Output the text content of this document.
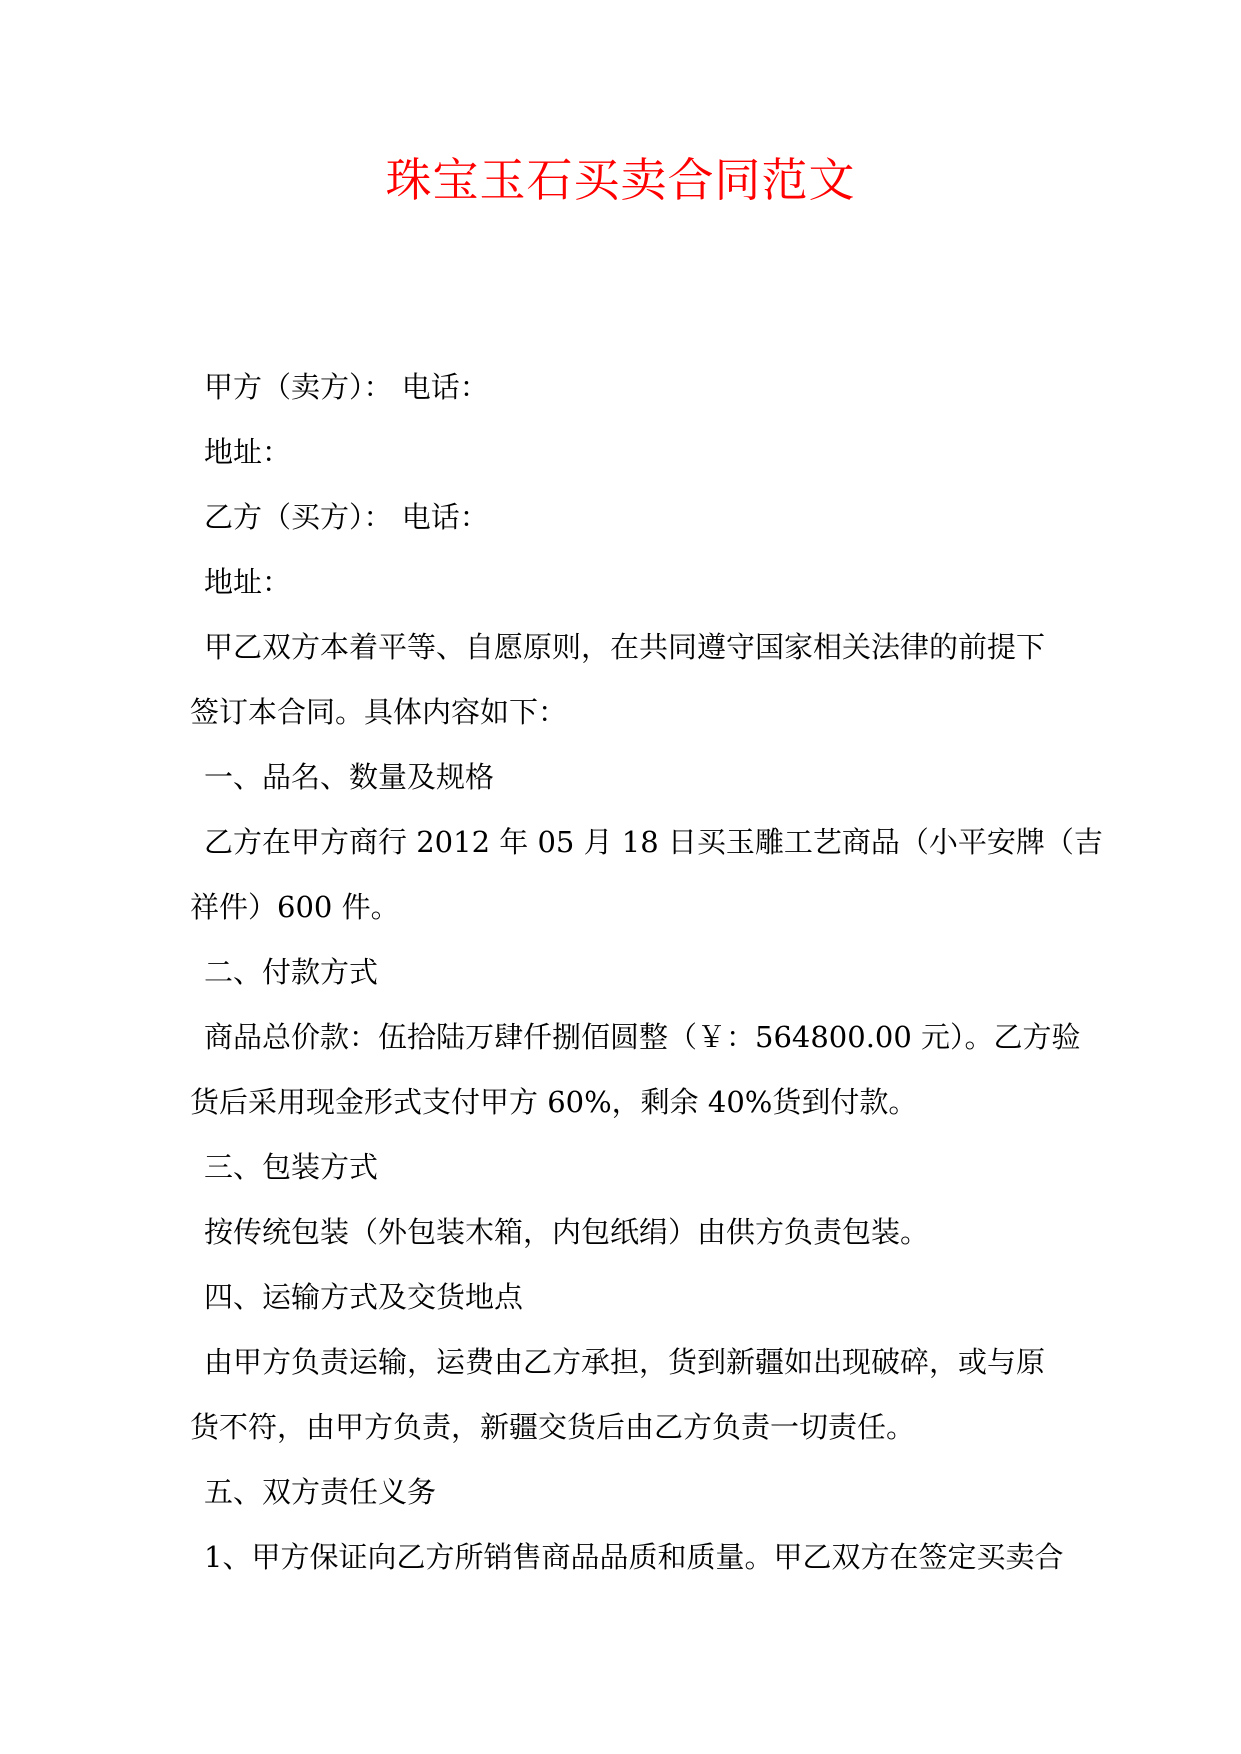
珠宝玉石买卖合同范文

甲方（卖方）： 电话：

地址：

乙方（买方）： 电话：

地址：

甲乙双方本着平等、自愿原则，在共同遵守国家相关法律的前提下

签订本合同。具体内容如下：

一、品名、数量及规格

乙方在甲方商行 2012 年 05 月 18 日买玉雕工艺商品（小平安牌（吉

祥件）600 件。

二、付款方式

商品总价款：伍拾陆万肆仟捌佰圆整（￥：564800.00 元）。乙方验

货后采用现金形式支付甲方 60%，剩余 40%货到付款。

三、包装方式

按传统包装（外包装木箱，内包纸绢）由供方负责包装。

四、运输方式及交货地点

由甲方负责运输，运费由乙方承担，货到新疆如出现破碎，或与原

货不符，由甲方负责，新疆交货后由乙方负责一切责任。

五、双方责任义务

1、甲方保证向乙方所销售商品品质和质量。甲乙双方在签定买卖合
